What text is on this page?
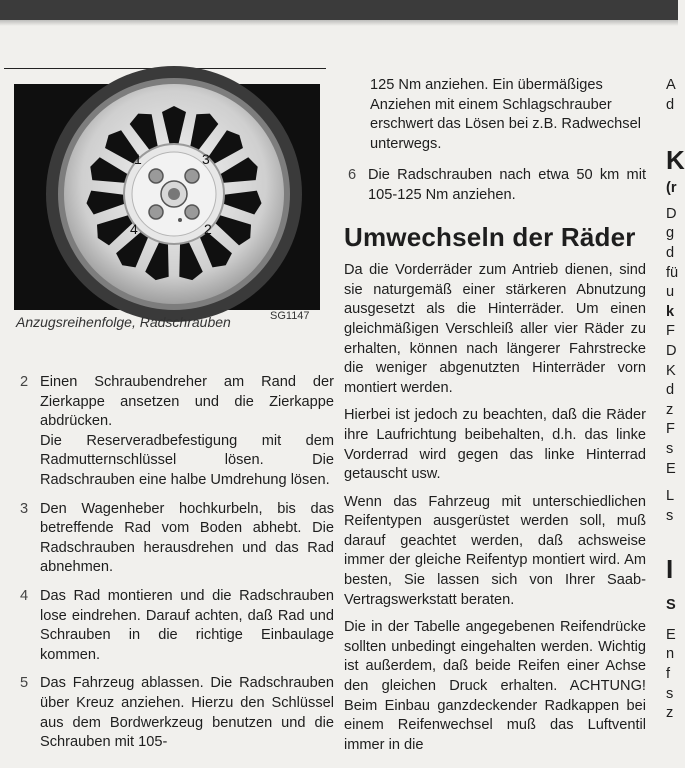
1	3
4	2
Anzugsreihenfolge, Radschrauben	SG1147
2 Einen Schraubendreher am Rand der Zierkappe ansetzen und die Zierkappe abdrücken.
Die Reserveradbefestigung mit dem Radmutternschlüssel lösen. Die Radschrauben eine halbe Umdrehung lösen.
3 Den Wagenheber hochkurbeln, bis das betreffende Rad vom Boden abhebt. Die Radschrauben herausdrehen und das Rad abnehmen.
4 Das Rad montieren und die Radschrauben lose eindrehen. Darauf achten, daß Rad und Schrauben in die richtige Einbaulage kommen.
5 Das Fahrzeug ablassen. Die Radschrauben über Kreuz anziehen. Hierzu den Schlüssel aus dem Bordwerkzeug benutzen und die Schrauben mit 105-
125 Nm anziehen. Ein übermäßiges Anziehen mit einem Schlagschrauber erschwert das Lösen bei z.B. Radwechsel unterwegs.
6 Die Radschrauben nach etwa 50 km mit 105-125 Nm anziehen.
Umwechseln der Räder

Da die Vorderräder zum Antrieb dienen, sind sie naturgemäß einer stärkeren Abnutzung ausgesetzt als die Hinterräder. Um einen gleichmäßigen Verschleiß aller vier Räder zu erhalten, können nach längerer Fahrstrecke die weniger abgenutzten Hinterräder vorn montiert werden.

Hierbei ist jedoch zu beachten, daß die Räder ihre Laufrichtung beibehalten, d.h. das linke Vorderrad wird gegen das linke Hinterrad getauscht usw.

Wenn das Fahrzeug mit unterschiedlichen Reifentypen ausgerüstet werden soll, muß darauf geachtet werden, daß achsweise immer der gleiche Reifentyp montiert wird. Am besten, Sie lassen sich von Ihrer Saab-Vertragswerkstatt beraten.

Die in der Tabelle angegebenen Reifendrücke sollten unbedingt eingehalten werden. Wichtig ist außerdem, daß beide Reifen einer Achse den gleichen Druck erhalten. ACHTUNG! Beim Einbau ganzdeckender Radkappen bei einem Reifenwechsel muß das Luftventil immer in die

A
d
K
(r
D
g
d
fü
u
k
F
D
K
d
z
F
s
E
L
s
I
S
E
n
f
s
z
